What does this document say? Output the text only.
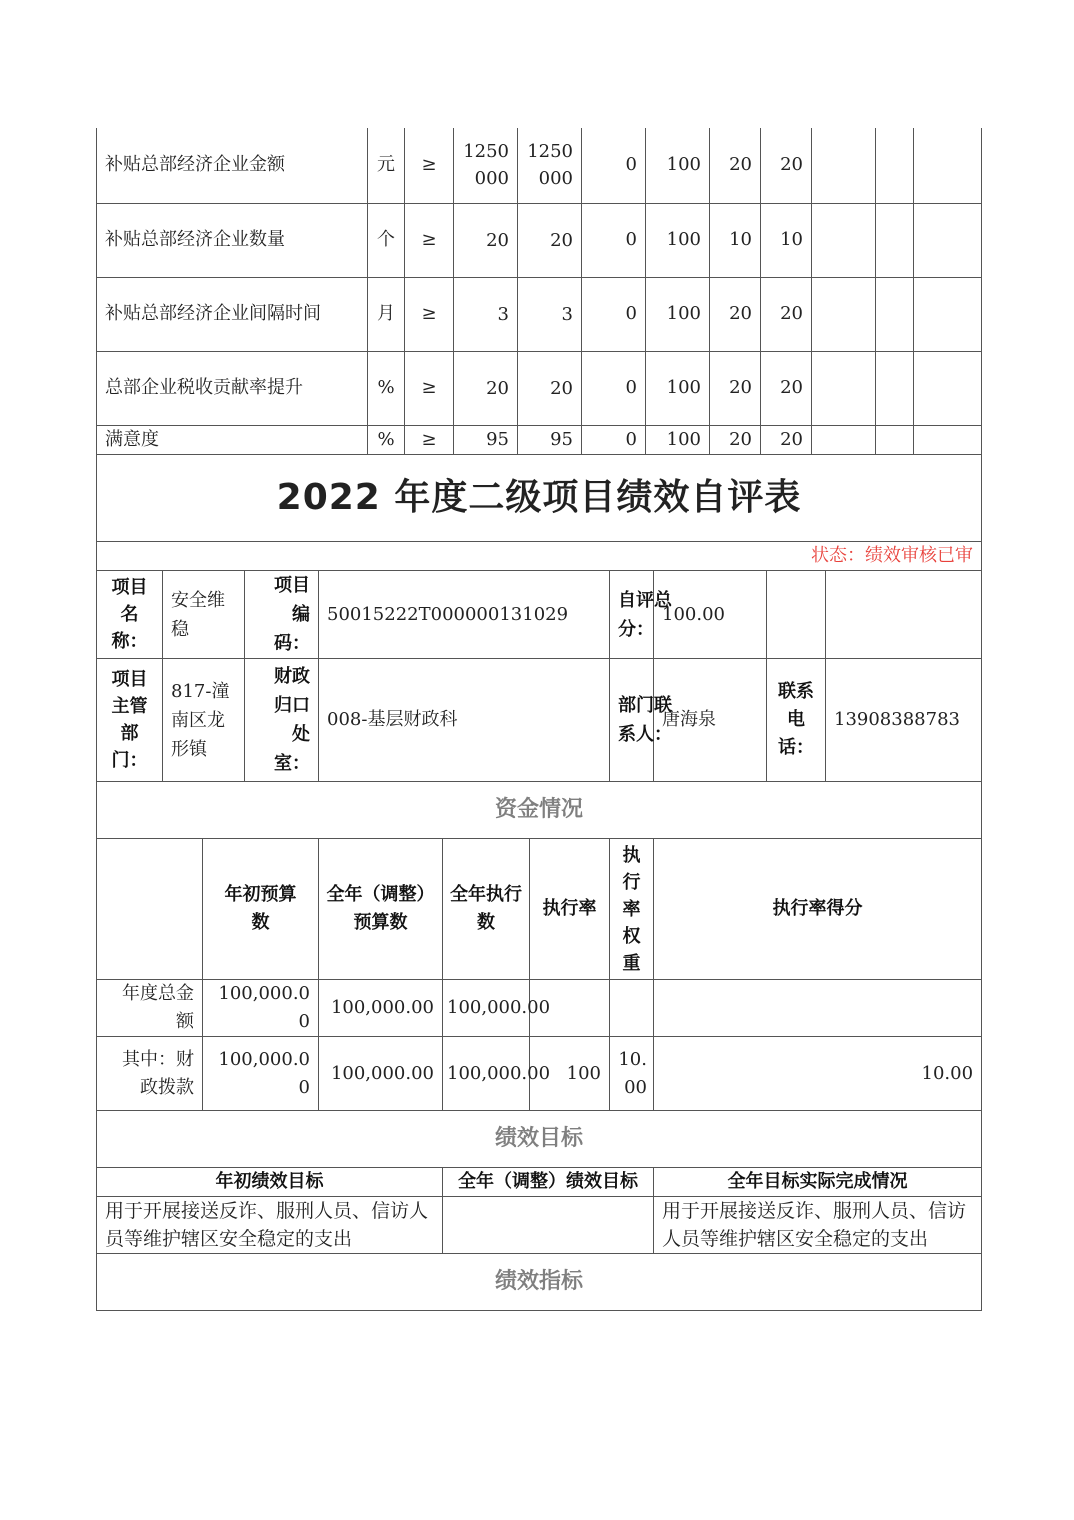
补贴总部经济企业金额	元	≥	1250000	1250000	0	100	20	20			
补贴总部经济企业数量	个	≥	20	20	0	100	10	10			
补贴总部经济企业间隔时间	月	≥	3	3	0	100	20	20			
总部企业税收贡献率提升	%	≥	20	20	0	100	20	20			
满意度	%	≥	95	95	0	100	20	20			
2022 年度二级项目绩效自评表										
状态：绩效审核已审										

项目名称：	安全维稳		项目编码：	50015222T000000131029			自评总分：	100.00		

项目主管部门：	817-潼南区龙形镇		财政归口处室：	008-基层财政科			部门联系人：	唐海泉	联系电话：	13908388783
资金情况										

		年初预算数		全年（调整）预算数	全年执行数	执行率	执行率权重	执行率得分		

年度总金额		100,000.00		100,000.00	100,000.00					

其中：财政拨款		100,000.00		100,000.00	100,000.00	100	10.00	10.00		
绩效目标										
年初绩效目标					全年（调整）绩效目标			全年目标实际完成情况		
用于开展接送反诈、服刑人员、信访人员等维护辖区安全稳定的支出								用于开展接送反诈、服刑人员、信访人员等维护辖区安全稳定的支出		
绩效指标										
